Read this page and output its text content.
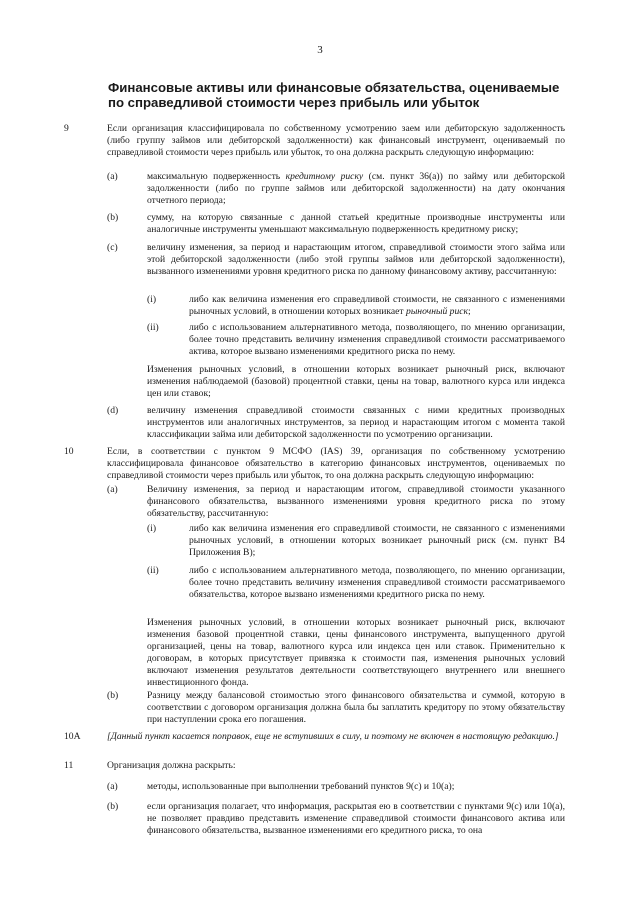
3
Финансовые активы или финансовые обязательства, оцениваемые по справедливой стоимости через прибыль или убыток
9	Если организация классифицировала по собственному усмотрению заем или дебиторскую задолженность (либо группу займов или дебиторской задолженности) как финансовый инструмент, оцениваемый по справедливой стоимости через прибыль или убыток, то она должна раскрыть следующую информацию:
(a)	максимальную подверженность кредитному риску (см. пункт 36(a)) по займу или дебиторской задолженности (либо по группе займов или дебиторской задолженности) на дату окончания отчетного периода;
(b)	сумму, на которую связанные с данной статьей кредитные производные инструменты или аналогичные инструменты уменьшают максимальную подверженность кредитному риску;
(c)	величину изменения, за период и нарастающим итогом, справедливой стоимости этого займа или этой дебиторской задолженности (либо этой группы займов или дебиторской задолженности), вызванного изменениями уровня кредитного риска по данному финансовому активу, рассчитанную:
(i)	либо как величина изменения его справедливой стоимости, не связанного с изменениями рыночных условий, в отношении которых возникает рыночный риск;
(ii)	либо с использованием альтернативного метода, позволяющего, по мнению организации, более точно представить величину изменения справедливой стоимости рассматриваемого актива, которое вызвано изменениями кредитного риска по нему.
Изменения рыночных условий, в отношении которых возникает рыночный риск, включают изменения наблюдаемой (базовой) процентной ставки, цены на товар, валютного курса или индекса цен или ставок;
(d)	величину изменения справедливой стоимости связанных с ними кредитных производных инструментов или аналогичных инструментов, за период и нарастающим итогом с момента такой классификации займа или дебиторской задолженности по усмотрению организации.
10	Если, в соответствии с пунктом 9 МСФО (IAS) 39, организация по собственному усмотрению классифицировала финансовое обязательство в категорию финансовых инструментов, оцениваемых по справедливой стоимости через прибыль или убыток, то она должна раскрыть следующую информацию:
(a)	Величину изменения, за период и нарастающим итогом, справедливой стоимости указанного финансового обязательства, вызванного изменениями уровня кредитного риска по этому обязательству, рассчитанную:
(i)	либо как величина изменения его справедливой стоимости, не связанного с изменениями рыночных условий, в отношении которых возникает рыночный риск (см. пункт B4 Приложения B);
(ii)	либо с использованием альтернативного метода, позволяющего, по мнению организации, более точно представить величину изменения справедливой стоимости рассматриваемого обязательства, которое вызвано изменениями кредитного риска по нему.
Изменения рыночных условий, в отношении которых возникает рыночный риск, включают изменения базовой процентной ставки, цены финансового инструмента, выпущенного другой организацией, цены на товар, валютного курса или индекса цен или ставок. Применительно к договорам, в которых присутствует привязка к стоимости пая, изменения рыночных условий включают изменения результатов деятельности соответствующего внутреннего или внешнего инвестиционного фонда.
(b)	Разницу между балансовой стоимостью этого финансового обязательства и суммой, которую в соответствии с договором организация должна была бы заплатить кредитору по этому обязательству при наступлении срока его погашения.
10A	[Данный пункт касается поправок, еще не вступивших в силу, и поэтому не включен в настоящую редакцию.]
11	Организация должна раскрыть:
(a)	методы, использованные при выполнении требований пунктов 9(c) и 10(a);
(b)	если организация полагает, что информация, раскрытая ею в соответствии с пунктами 9(c) или 10(a), не позволяет правдиво представить изменение справедливой стоимости финансового актива или финансового обязательства, вызванное изменениями его кредитного риска, то она
